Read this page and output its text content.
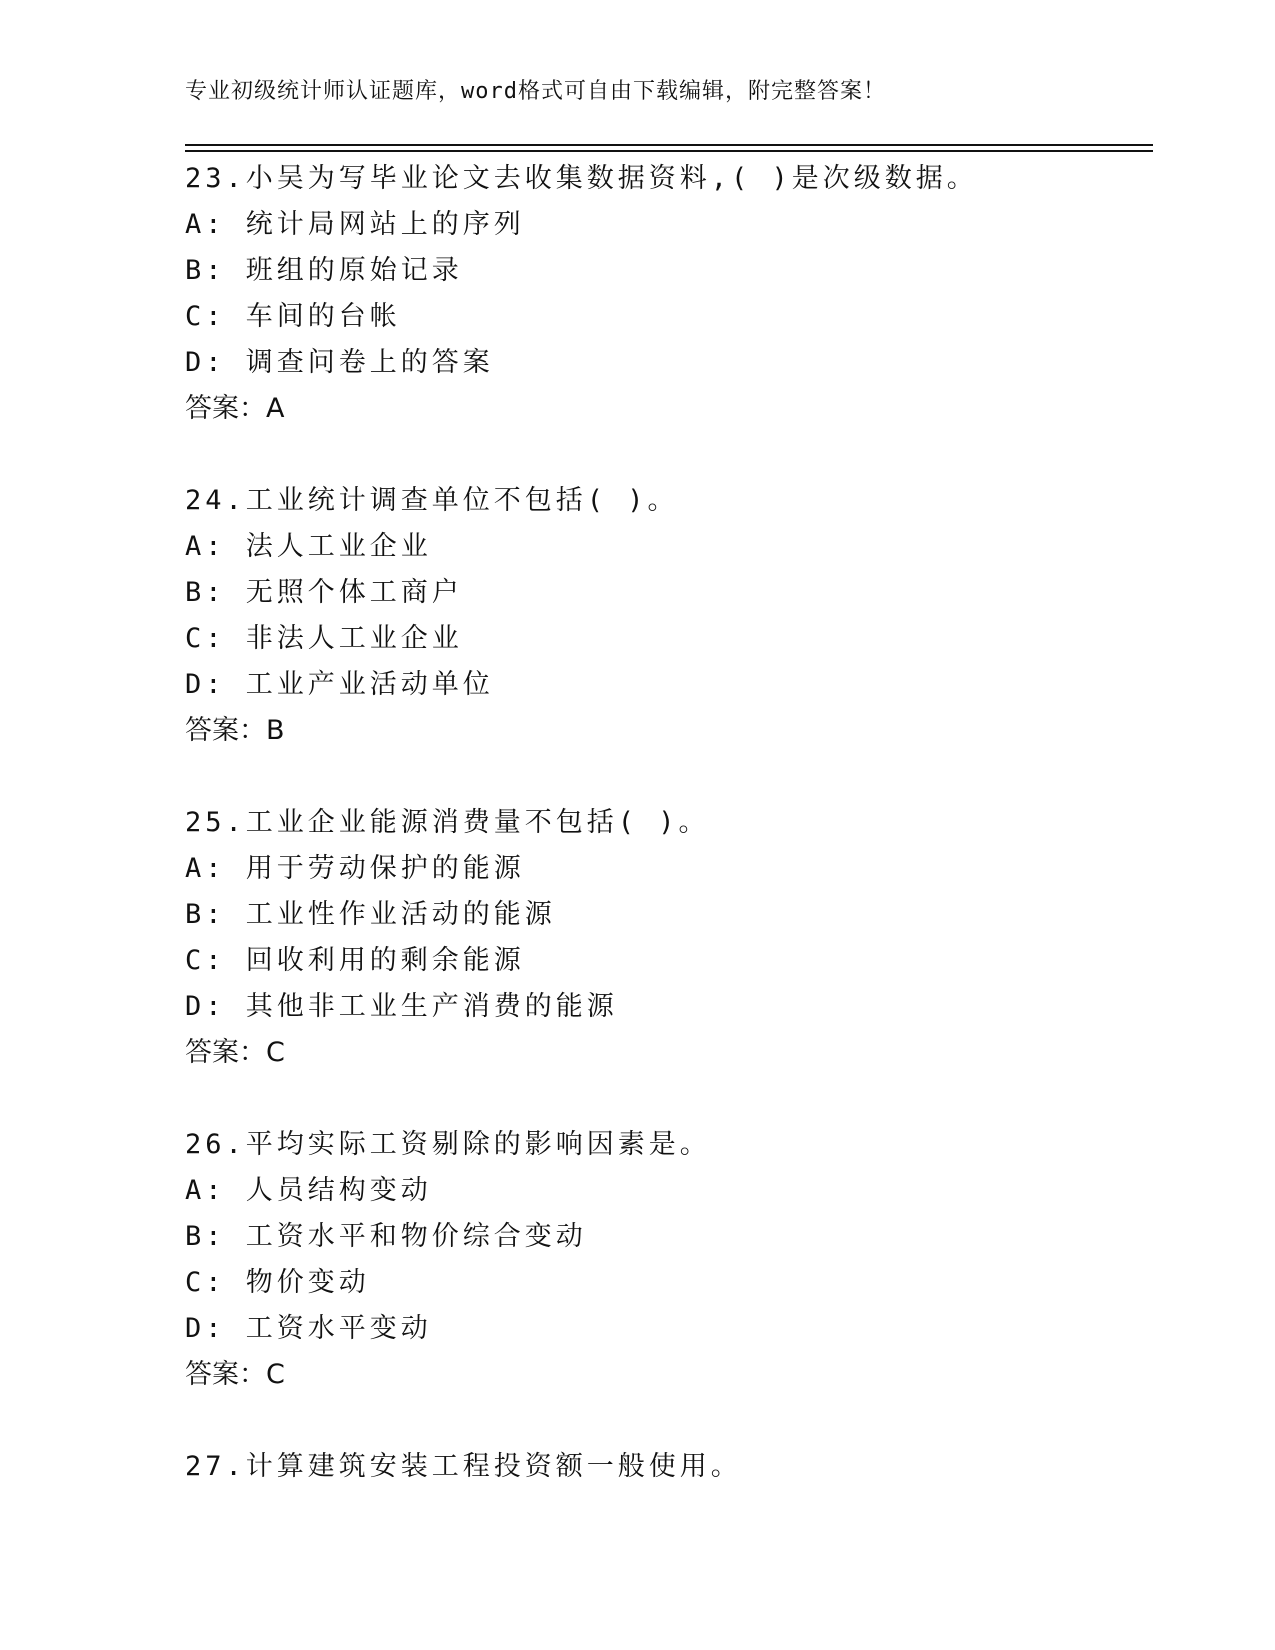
专业初级统计师认证题库，word格式可自由下载编辑，附完整答案！
23.小吴为写毕业论文去收集数据资料,( )是次级数据。
A: 统计局网站上的序列
B: 班组的原始记录
C: 车间的台帐
D: 调查问卷上的答案
答案：A
24.工业统计调查单位不包括( )。
A: 法人工业企业
B: 无照个体工商户
C: 非法人工业企业
D: 工业产业活动单位
答案：B
25.工业企业能源消费量不包括( )。
A: 用于劳动保护的能源
B: 工业性作业活动的能源
C: 回收利用的剩余能源
D: 其他非工业生产消费的能源
答案：C
26.平均实际工资剔除的影响因素是。
A: 人员结构变动
B: 工资水平和物价综合变动
C: 物价变动
D: 工资水平变动
答案：C
27.计算建筑安装工程投资额一般使用。
